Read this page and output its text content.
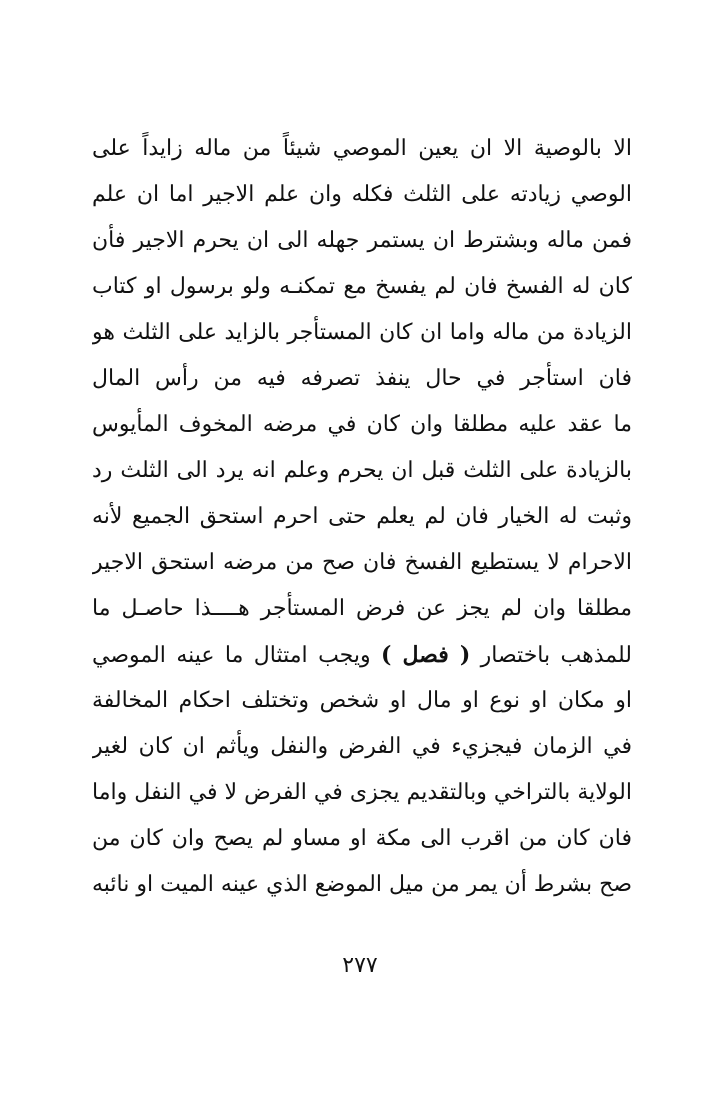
الا بالوصية الا ان يعين الموصي شيئاً من ماله زايداً على
الوصي زيادته على الثلث فكله وان علم الاجير اما ان علم
فمن ماله وبشترط ان يستمر جهله الى ان يحرم الاجير فأن
كان له الفسخ فان لم يفسخ مع تمكنـه ولو برسول او كتاب
الزيادة من ماله واما ان كان المستأجر بالزايد على الثلث هو
فان استأجر في حال ينفذ تصرفه فيه من رأس المال
ما عقد عليه مطلقا وان كان في مرضه المخوف المأيوس
بالزيادة على الثلث قبل ان يحرم وعلم انه يرد الى الثلث رد
وثبت له الخيار فان لم يعلم حتى احرم استحق الجميع لأنه
الاحرام لا يستطيع الفسخ فان صح من مرضه استحق الاجير
مطلقا وان لم يجز عن فرض المستأجر هــــذا حاصـل ما
للمذهب باختصار ( فصل ) ويجب امتثال ما عينه الموصي
او مكان او نوع او مال او شخص وتختلف احكام المخالفة
في الزمان فيجزيء في الفرض والنفل ويأثم ان كان لغير
الولاية بالتراخي وبالتقديم يجزى في الفرض لا في النفل واما
فان كان من اقرب الى مكة او مساو لم يصح وان كان من
صح بشرط أن يمر من ميل الموضع الذي عينه الميت او نائبه
٢٧٧
